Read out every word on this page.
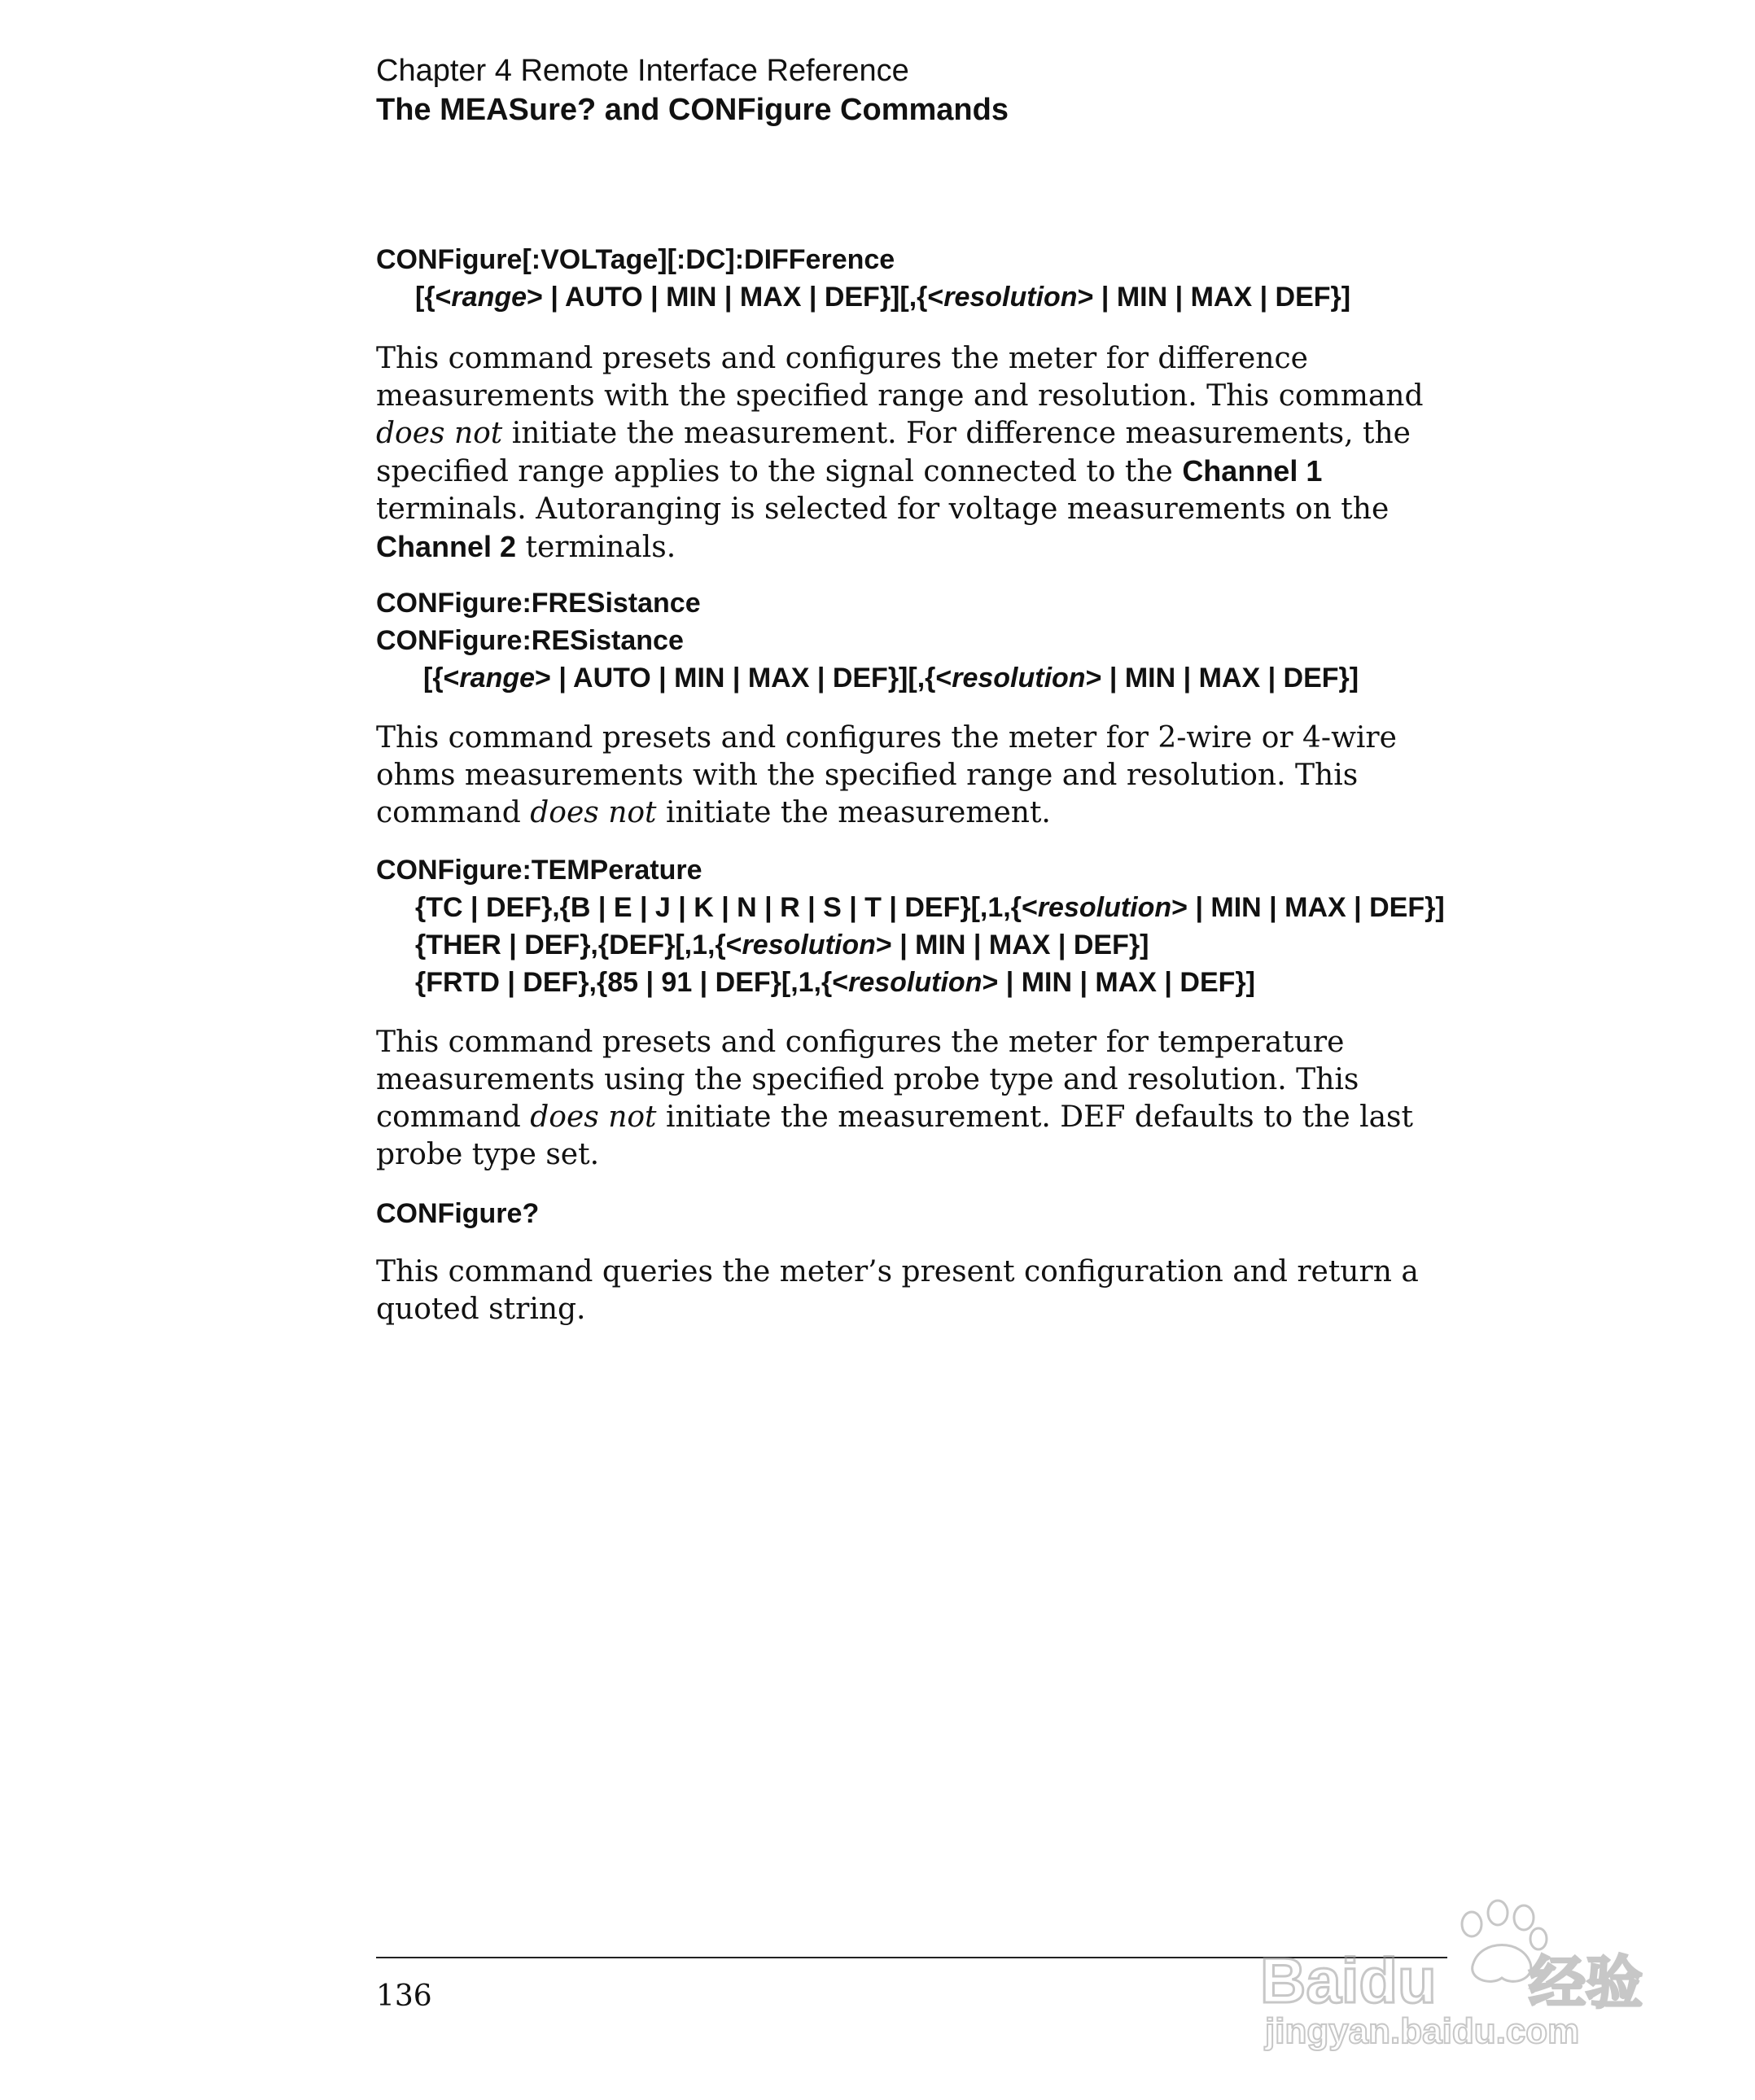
Chapter 4 Remote Interface Reference
The MEASure? and CONFigure Commands
CONFigure[:VOLTage][:DC]:DIFFerence
[{<range> | AUTO | MIN | MAX | DEF}][,{<resolution> | MIN | MAX | DEF}]
This command presets and configures the meter for difference
measurements with the specified range and resolution. This command
does not initiate the measurement. For difference measurements, the
specified range applies to the signal connected to the Channel 1
terminals. Autoranging is selected for voltage measurements on the
Channel 2 terminals.
CONFigure:FRESistance
CONFigure:RESistance
[{<range> | AUTO | MIN | MAX | DEF}][,{<resolution> | MIN | MAX | DEF}]
This command presets and configures the meter for 2-wire or 4-wire
ohms measurements with the specified range and resolution. This
command does not initiate the measurement.
CONFigure:TEMPerature
{TC | DEF},{B | E | J | K | N | R | S | T | DEF}[,1,{<resolution> | MIN | MAX | DEF}]
{THER | DEF},{DEF}[,1,{<resolution> | MIN | MAX | DEF}]
{FRTD | DEF},{85 | 91 | DEF}[,1,{<resolution> | MIN | MAX | DEF}]
This command presets and configures the meter for temperature
measurements using the specified probe type and resolution. This
command does not initiate the measurement. DEF defaults to the last
probe type set.
CONFigure?
This command queries the meter’s present configuration and return a
quoted string.
136	Baidu 经验
jingyan.baidu.com
